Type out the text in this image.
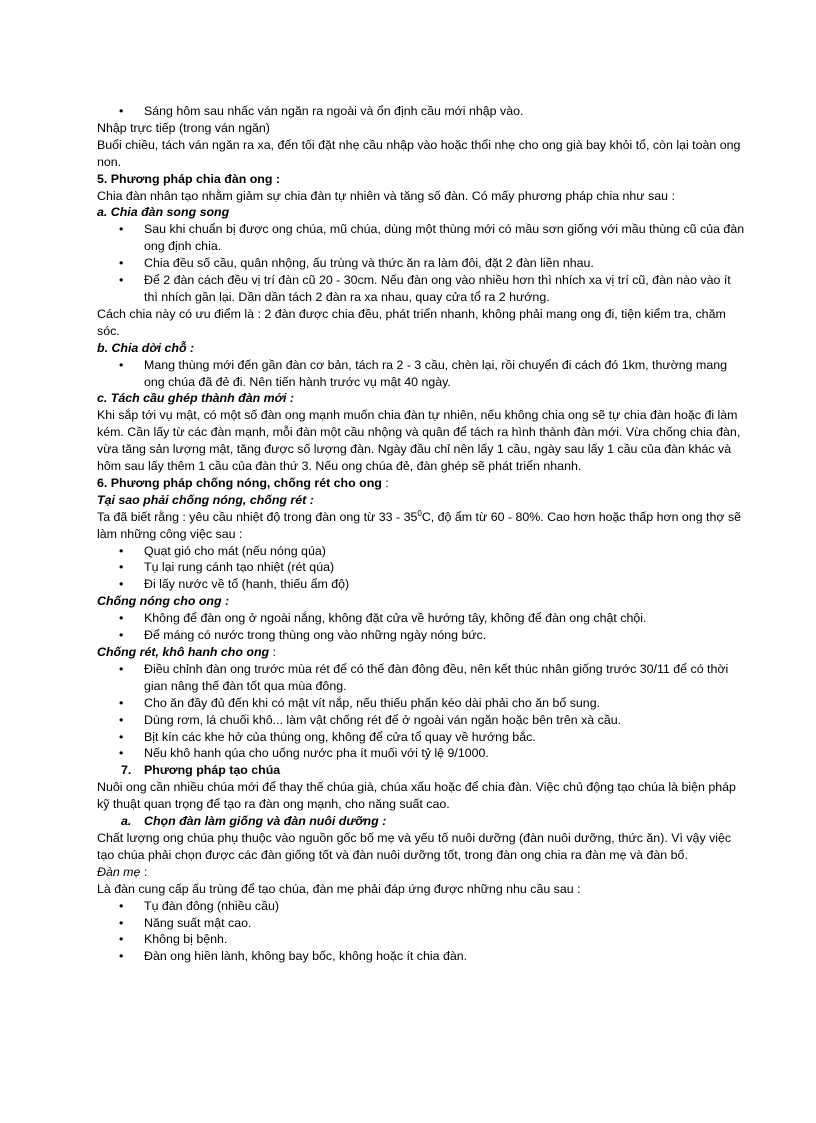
• Sáng hôm sau nhấc ván ngăn ra ngoài và ổn định cầu mới nhập vào.

Nhập trực tiếp (trong ván ngăn)

Buổi chiều, tách ván ngăn ra xa, đến tối đặt nhẹ cầu nhập vào hoặc thổi nhẹ cho ong già bay khỏi tổ, còn lại toàn ong non.

5. Phương pháp chia đàn ong :

Chia đàn nhân tạo nhằm giảm sự chia đàn tự nhiên và tăng số đàn. Có mấy phương pháp chia như sau :

a. Chia đàn song song

• Sau khi chuẩn bị được ong chúa, mũ chúa, dùng một thùng mới có mầu sơn giống với mầu thùng cũ của đàn ong định chia.
• Chia đều số cầu, quân nhộng, ấu trùng và thức ăn ra làm đôi, đặt 2 đàn liền nhau.
• Để 2 đàn cách đều vị trí đàn cũ 20 - 30cm. Nếu đàn ong vào nhiều hơn thì nhích xa vị trí cũ, đàn nào vào ít thì nhích gần lại. Dần dần tách 2 đàn ra xa nhau, quay cửa tổ ra 2 hướng.

Cách chia này có ưu điểm là : 2 đàn được chia đều, phát triển nhanh, không phải mang ong đi, tiện kiểm tra, chăm sóc.

b. Chia dời chỗ :

• Mang thùng mới đến gần đàn cơ bản, tách ra 2 - 3 cầu, chèn lại, rồi chuyển đi cách đó 1km, thường mang ong chúa đã đẻ đi. Nên tiến hành trước vụ mật 40 ngày.

c. Tách cầu ghép thành đàn mới :

Khi sắp tới vụ mật, có một số đàn ong mạnh muốn chia đàn tự nhiên, nếu không chia ong sẽ tự chia đàn hoặc đi làm kém. Cần lấy từ các đàn mạnh, mỗi đàn một cầu nhộng và quân để tách ra hình thành đàn mới. Vừa chống chia đàn, vừa tăng sản lượng mật, tăng được số lượng đàn. Ngày đầu chỉ nên lấy 1 cầu, ngày sau lấy 1 cầu của đàn khác và hôm sau lấy thêm 1 cầu của đàn thứ 3. Nếu ong chúa đẻ, đàn ghép sẽ phát triển nhanh.

6. Phương pháp chống nóng, chống rét cho ong :

Tại sao phải chống nóng, chống rét :

Ta đã biết rằng : yêu cầu nhiệt độ trong đàn ong từ $33 - 35^0C$, độ ẩm từ 60 - 80%. Cao hơn hoặc thấp hơn ong thợ sẽ làm những công việc sau :

• Quạt gió cho mát (nếu nóng qúa)
• Tụ lại rung cánh tạo nhiệt (rét qúa)
• Đi lấy nước về tổ (hanh, thiếu ẩm độ)

Chống nóng cho ong :

• Không để đàn ong ở ngoài nắng, không đặt cửa về hướng tây, không để đàn ong chật chội.
• Để máng có nước trong thùng ong vào những ngày nóng bức.

Chống rét, khô hanh cho ong :

• Điều chỉnh đàn ong trước mùa rét để có thế đàn đông đều, nên kết thúc nhân giống trước 30/11 để có thời gian nâng thế đàn tốt qua mùa đông.
• Cho ăn đầy đủ đến khi có mật vít nắp, nếu thiếu phấn kéo dài phải cho ăn bổ sung.
• Dùng rơm, lá chuối khô... làm vật chống rét để ở ngoài ván ngăn hoặc bên trên xà cầu.
• Bịt kín các khe hở của thùng ong, không để cửa tổ quay về hướng bắc.
• Nếu khô hanh qúa cho uống nước pha ít muối với tỷ lệ 9/1000.
7. Phương pháp tạo chúa

Nuôi ong cần nhiều chúa mới để thay thế chúa già, chúa xấu hoặc để chia đàn. Việc chủ động tạo chúa là biện pháp kỹ thuật quan trọng để tạo ra đàn ong mạnh, cho năng suất cao.

a. Chọn đàn làm giống và đàn nuôi dưỡng :

Chất lượng ong chúa phụ thuộc vào nguồn gốc bố mẹ và yếu tố nuôi dưỡng (đàn nuôi dưỡng, thức ăn). Vì vậy việc tạo chúa phải chọn được các đàn giống tốt và đàn nuôi dưỡng tốt, trong đàn ong chia ra đàn mẹ và đàn bố.

Đàn mẹ :

Là đàn cung cấp ấu trùng để tạo chúa, đàn mẹ phải đáp ứng được những nhu cầu sau :

• Tụ đàn đông (nhiều cầu)
• Năng suất mật cao.
• Không bị bệnh.
• Đàn ong hiền lành, không bay bốc, không hoặc ít chia đàn.
